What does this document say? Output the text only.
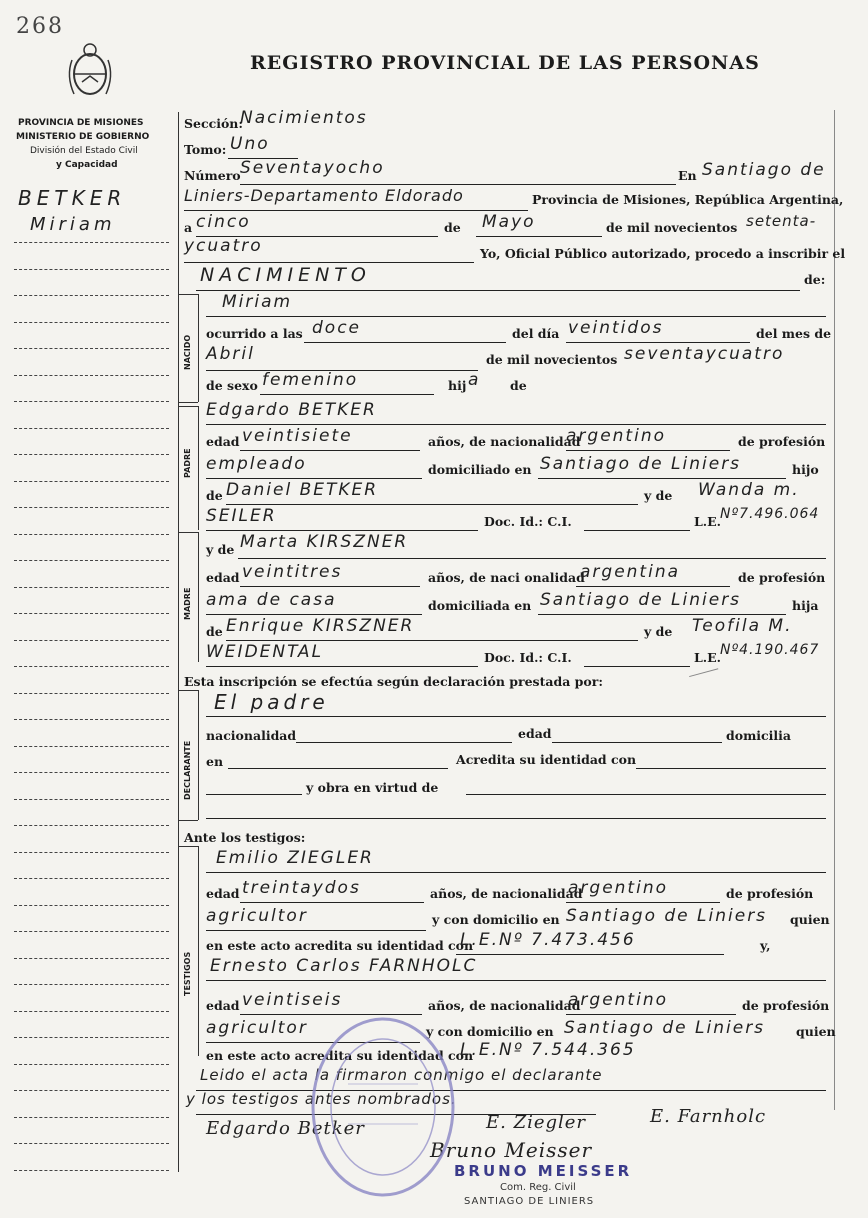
268
REGISTRO PROVINCIAL DE LAS PERSONAS
PROVINCIA DE MISIONES
MINISTERIO DE GOBIERNO
División del Estado Civil
y Capacidad
BETKER
Miriam
NACIDO
PADRE
MADRE
DECLARANTE
TESTIGOS
Sección:
Nacimientos
Tomo: Uno
Número Seventayocho	En Santiago de
Liniers-Departamento Eldorado	Provincia de Misiones, República Argentina,
a cinco	de Mayo	de mil novecientos setenta-
ycuatro	Yo, Oficial Público autorizado, procedo a inscribir el
NACIMIENTO	de:
Miriam
ocurrido a las doce	del día veintidos	del mes de
Abril	de mil novecientos seventaycuatro
de sexo femenino	hij a de
Edgardo BETKER
edad veintisiete	años, de nacionalidad
argentino	de profesión
empleado	domiciliado en Santiago de Liniers	hijo
de Daniel BETKER	y de Wanda m.
SEILER	Doc. Id.: C.I.	L.E.
Nº7.496.064
y de Marta KIRSZNER
edad veintitres	años, de naci onalidad
argentina	de profesión
ama de casa	domiciliada en Santiago de Liniers	hija
de Enrique KIRSZNER	y de Teofila M.
WEIDENTAL	Doc. Id.: C.I.	L.E.
Nº4.190.467
Esta inscripción se efectúa según declaración prestada por:
El padre
nacionalidad	edad	domicilia
en	Acredita su identidad con
y obra en virtud de
Ante los testigos:
Emilio ZIEGLER
edad treintaydos	años, de nacionalidad
argentino	de profesión
agricultor	y con domicilio en Santiago de Liniers quien
en este acto acredita su identidad con
L.E.Nº 7.473.456	y,
Ernesto Carlos FARNHOLC
edad veintiseis	años, de nacionalidad
argentino	de profesión
agricultor	y con domicilio en Santiago de Liniers quien
en este acto acredita su identidad con
L.E.Nº 7.544.365
Leido el acta la firmaron conmigo el declarante
y los testigos antes nombrados.
Edgardo Betker	E. Ziegler	E. Farnholc
Bruno Meisser
BRUNO MEISSER
Com. Reg. Civil
SANTIAGO DE LINIERS
